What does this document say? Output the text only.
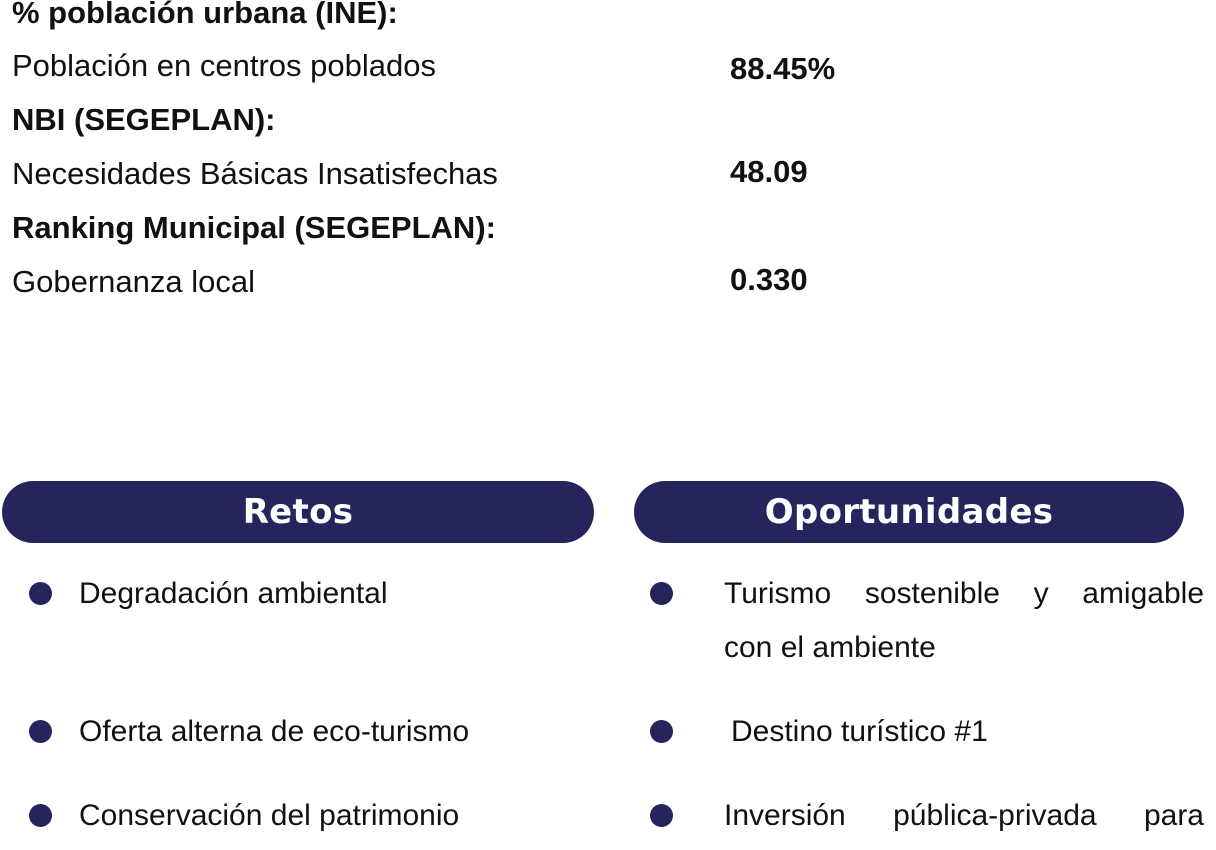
% población urbana (INE):
Población en centros poblados	88.45%
NBI (SEGEPLAN):
Necesidades Básicas Insatisfechas	48.09
Ranking Municipal (SEGEPLAN):
Gobernanza local	0.330
Retos	Oportunidades
Degradación ambiental
Oferta alterna de eco-turismo
Conservación del patrimonio
Turismo sostenible y amigable
con el ambiente
Destino turístico #1
Inversión pública-privada para
